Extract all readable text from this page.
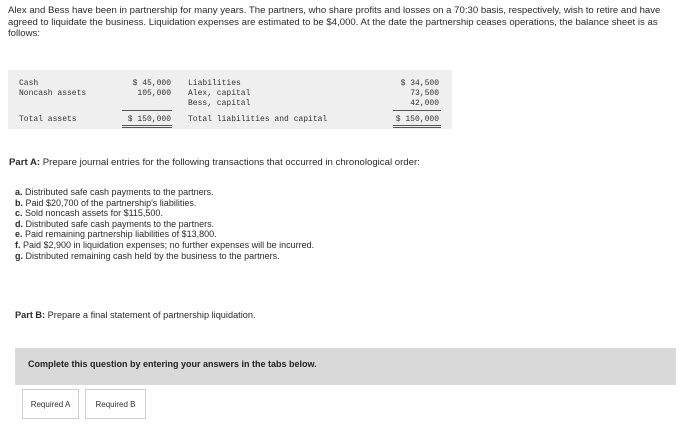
Alex and Bess have been in partnership for many years. The partners, who share profits and losses on a 70:30 basis, respectively, wish to retire and have agreed to liquidate the business. Liquidation expenses are estimated to be $4,000. At the date the partnership ceases operations, the balance sheet is as follows:
Cash	$ 45,000 Liabilities	$ 34,500
Noncash assets	105,000 Alex, capital	73,500
Bess, capital	42,000
Total assets	$ 150,000 Total liabilities and capital	$ 150,000
Part A: Prepare journal entries for the following transactions that occurred in chronological order:
a. Distributed safe cash payments to the partners.
b. Paid $20,700 of the partnership's liabilities.
c. Sold noncash assets for $115,500.
d. Distributed safe cash payments to the partners.
e. Paid remaining partnership liabilities of $13,800.
f. Paid $2,900 in liquidation expenses; no further expenses will be incurred.
g. Distributed remaining cash held by the business to the partners.
Part B: Prepare a final statement of partnership liquidation.
Complete this question by entering your answers in the tabs below.
Required A	Required B
